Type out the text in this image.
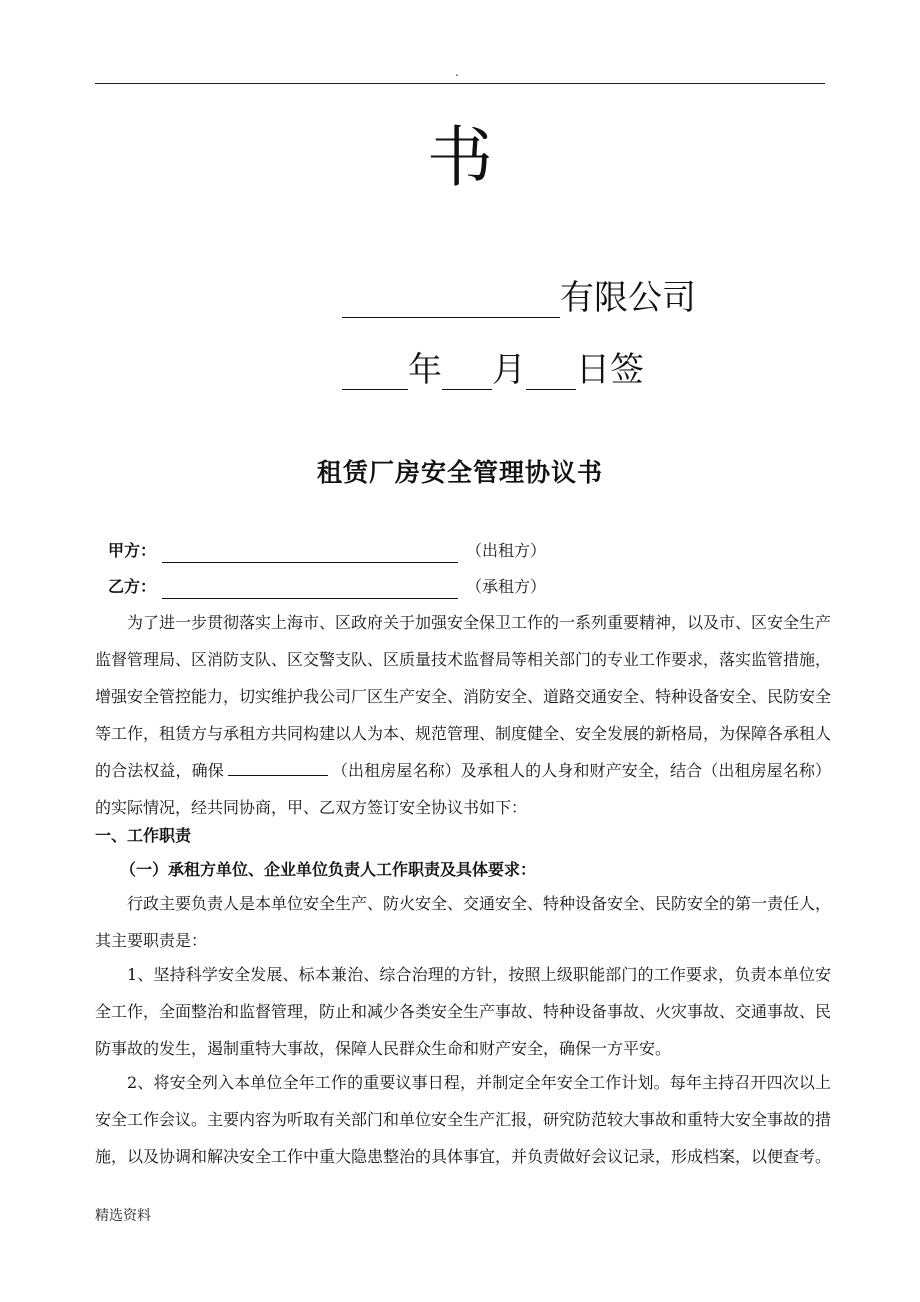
.
书
有限公司
年 月 日签
租赁厂房安全管理协议书
甲方：	（出租方）
乙方：	（承租方）

为了进一步贯彻落实上海市、区政府关于加强安全保卫工作的一系列重要精神，以及市、区安全生产监督管理局、区消防支队、区交警支队、区质量技术监督局等相关部门的专业工作要求，落实监管措施，增强安全管控能力，切实维护我公司厂区生产安全、消防安全、道路交通安全、特种设备安全、民防安全等工作，租赁方与承租方共同构建以人为本、规范管理、制度健全、安全发展的新格局，为保障各承租人的合法权益，确保	（出租房屋名称）及承租人的人身和财产安全，结合（出租房屋名称）的实际情况，经共同协商，甲、乙双方签订安全协议书如下：

一、工作职责
（一）承租方单位、企业单位负责人工作职责及具体要求：

行政主要负责人是本单位安全生产、防火安全、交通安全、特种设备安全、民防安全的第一责任人，其主要职责是：

1、坚持科学安全发展、标本兼治、综合治理的方针，按照上级职能部门的工作要求，负责本单位安全工作，全面整治和监督管理，防止和减少各类安全生产事故、特种设备事故、火灾事故、交通事故、民防事故的发生，遏制重特大事故，保障人民群众生命和财产安全，确保一方平安。

2、将安全列入本单位全年工作的重要议事日程，并制定全年安全工作计划。每年主持召开四次以上安全工作会议。主要内容为听取有关部门和单位安全生产汇报，研究防范较大事故和重特大安全事故的措施，以及协调和解决安全工作中重大隐患整治的具体事宜，并负责做好会议记录，形成档案，以便查考。

精选资料
